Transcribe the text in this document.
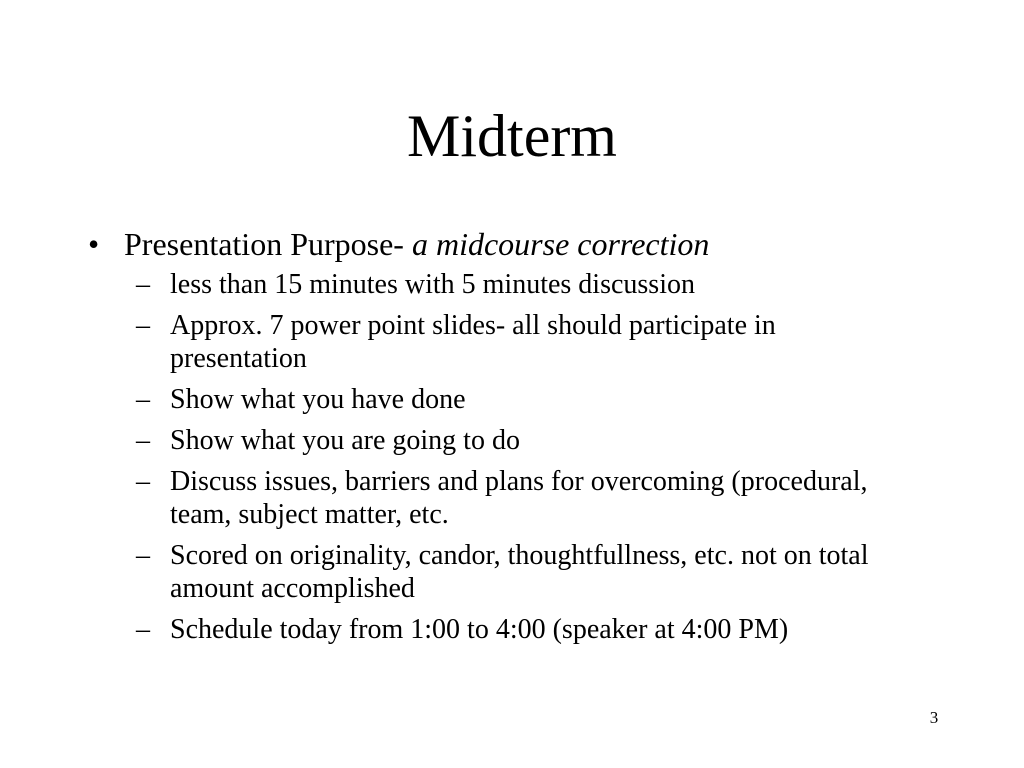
Midterm
• Presentation Purpose- a midcourse correction
– less than 15 minutes with 5 minutes discussion
– Approx. 7 power point slides- all should participate in presentation
– Show what you have done
– Show what you are going to do
– Discuss issues, barriers and plans for overcoming (procedural, team, subject matter, etc.
– Scored on originality, candor, thoughtfullness, etc. not on total amount accomplished
– Schedule today from 1:00 to 4:00 (speaker at 4:00 PM)
3
